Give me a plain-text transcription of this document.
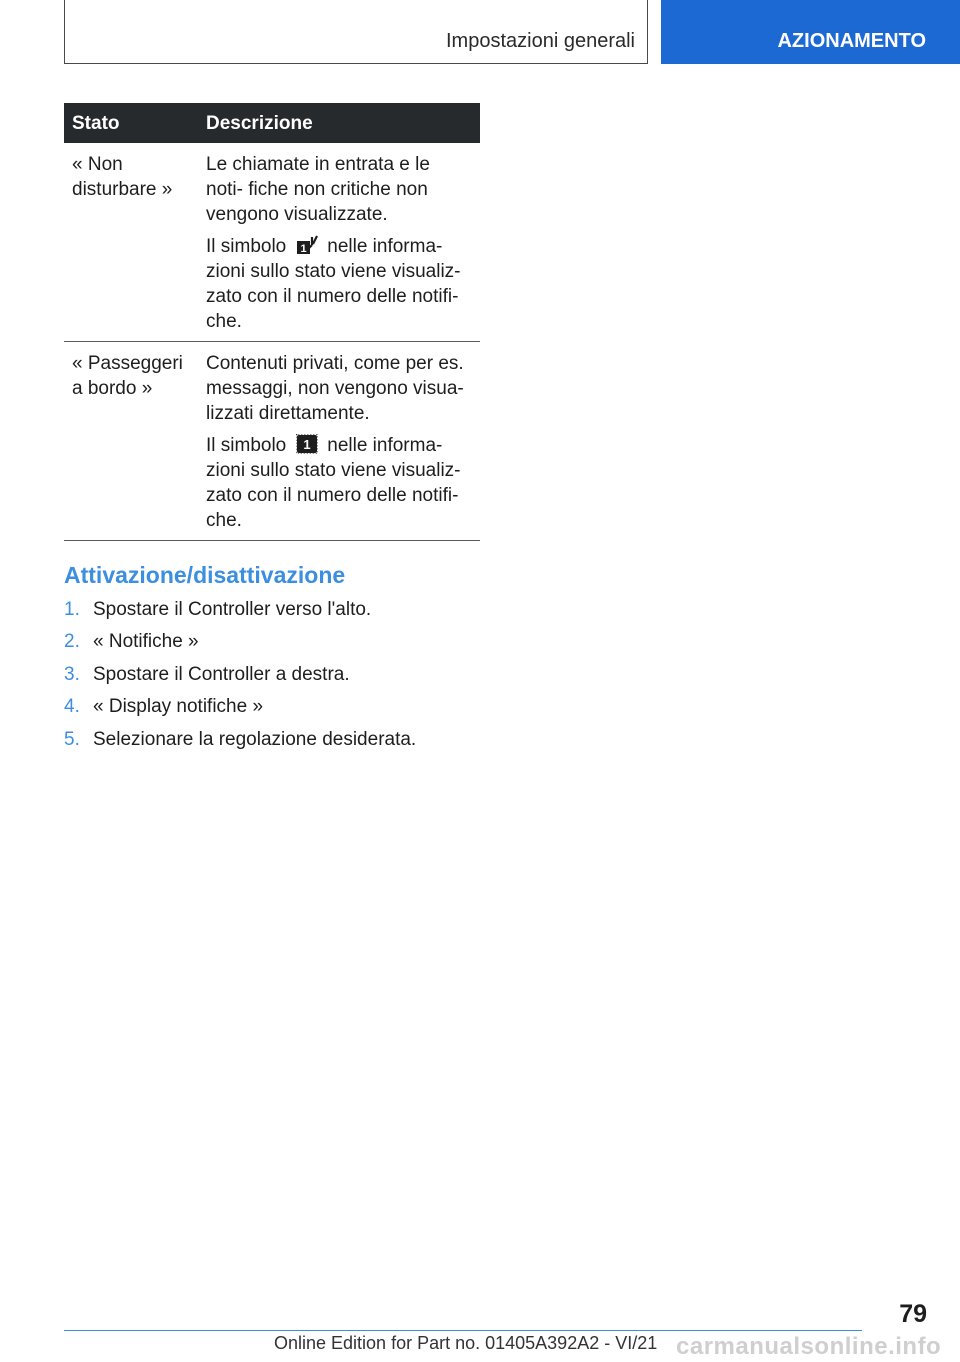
Impostazioni generali	AZIONAMENTO
Stato	Descrizione
« Non disturbare »	Le chiamate in entrata e le noti- fiche non critiche non vengono visualizzate.

Il simbolo 1 nelle informa- zioni sullo stato viene visualiz- zato con il numero delle notifi- che.

« Passeggeri a bordo »	Contenuti privati, come per es. messaggi, non vengono visua- lizzati direttamente.

Il simbolo 1 nelle informa- zioni sullo stato viene visualiz- zato con il numero delle notifi- che.

Attivazione/disattivazione
1. Spostare il Controller verso l'alto.
2. « Notifiche »
3. Spostare il Controller a destra.
4. « Display notifiche »
5. Selezionare la regolazione desiderata.
79
Online Edition for Part no. 01405A392A2 - VI/21 carmanualsonline.info
